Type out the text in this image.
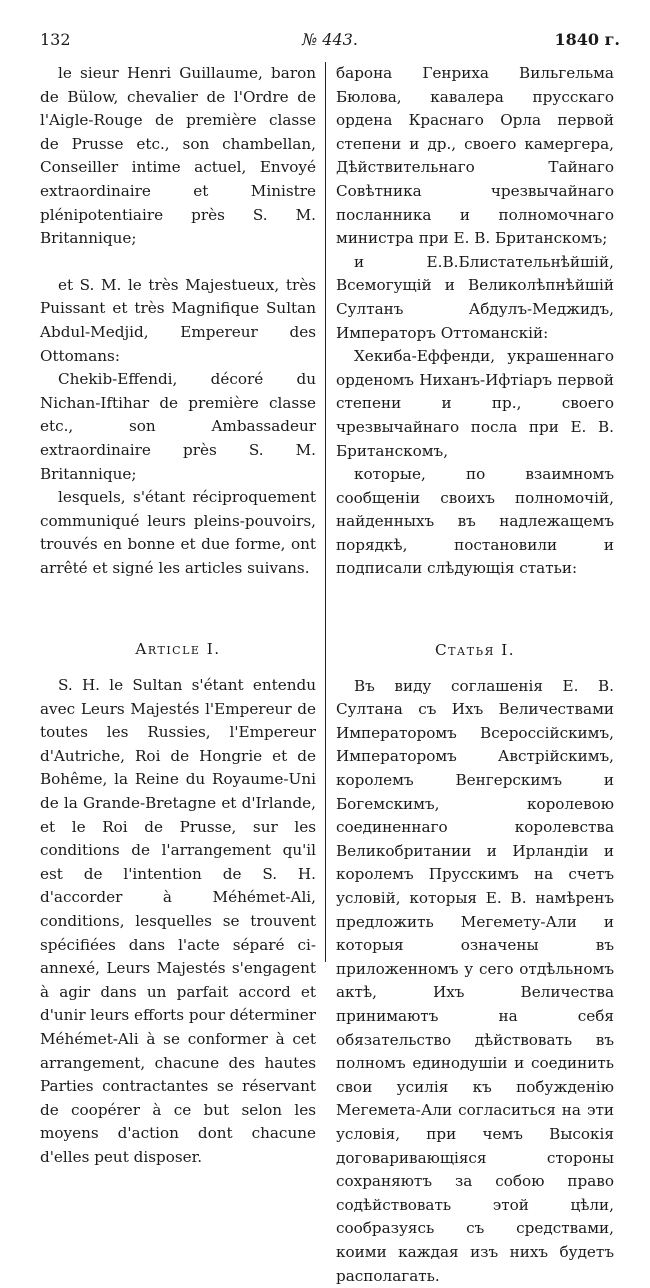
132	№ 443.	1840 г.

le sieur Henri Guillaume, baron de Bülow, chevalier de l'Ordre de l'Aigle-Rouge de première classe de Prusse etc., son chambellan, Conseiller intime actuel, Envoyé extraordinaire et Ministre plénipotentiaire près S. M. Britannique;

et S. M. le très Majestueux, très Puissant et très Magnifique Sultan Abdul-Medjid, Empereur des Ottomans:

Chekib-Effendi, décoré du Nichan-Iftihar de première classe etc., son Ambassadeur extraordinaire près S. M. Britannique;

lesquels, s'étant réciproquement communiqué leurs pleins-pouvoirs, trouvés en bonne et due forme, ont arrêté et signé les articles suivans.

Article I.

S. H. le Sultan s'étant entendu avec Leurs Majestés l'Empereur de toutes les Russies, l'Empereur d'Autriche, Roi de Hongrie et de Bohême, la Reine du Royaume-Uni de la Grande-Bretagne et d'Irlande, et le Roi de Prusse, sur les conditions de l'arrangement qu'il est de l'intention de S. H. d'accorder à Méhémet-Ali, conditions, lesquelles se trouvent spécifiées dans l'acte séparé ci-annexé, Leurs Majestés s'engagent à agir dans un parfait accord et d'unir leurs efforts pour déterminer Méhémet-Ali à se conformer à cet arrangement, chacune des hautes Parties contractantes se réservant de coopérer à ce but selon les moyens d'action dont chacune d'elles peut disposer.

барона Генриха Вильгельма Бюлова, кавалера прусскаго ордена Краснаго Орла первой степени и др., своего камергера, Дѣйствительнаго Тайнаго Совѣтника чрезвычайнаго посланника и полномочнаго министра при Е. В. Британскомъ;

и Е.В.Блистательнѣйшій, Всемогущій и Великолѣпнѣйшій Султанъ Абдулъ-Меджидъ, Императоръ Оттоманскій:

Хекиба-Еффенди, украшеннаго орденомъ Ниханъ-Ифтіаръ первой степени и пр., своего чрезвычайнаго посла при Е. В. Британскомъ,

которые, по взаимномъ сообщеніи своихъ полномочій, найденныхъ въ надлежащемъ порядкѣ, постановили и подписали слѣдующія статьи:

Статья I.

Въ виду соглашенія Е. В. Султана съ Ихъ Величествами Императоромъ Всероссійскимъ, Императоромъ Австрійскимъ, королемъ Венгерскимъ и Богемскимъ, королевою соединеннаго королевства Великобритании и Ирландіи и королемъ Прусскимъ на счетъ условій, которыя Е. В. намѣренъ предложить Мегемету-Али и которыя означены въ приложенномъ у сего отдѣльномъ актѣ, Ихъ Величества принимаютъ на себя обязательство дѣйствовать въ полномъ единодушіи и соединить свои усилія къ побужденію Мегемета-Али согласиться на эти условія, при чемъ Высокія договаривающіяся стороны сохраняютъ за собою право содѣйствовать этой цѣли, сообразуясь съ средствами, коими каждая изъ нихъ будетъ располагать.
